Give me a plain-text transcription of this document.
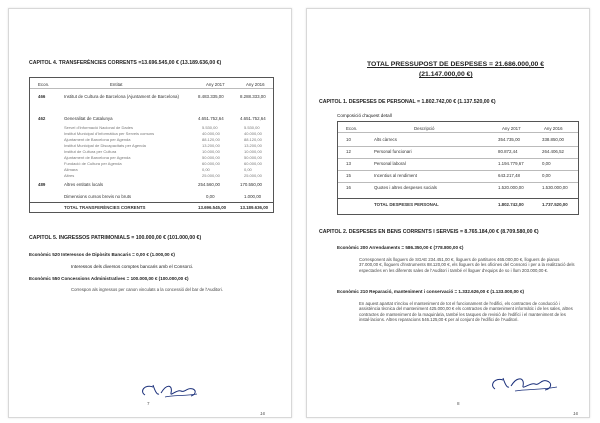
CAPITOL 4. TRANSFERÈNCIES CORRENTS =13.696.545,00 € (13.189.636,00 €)
Econ.	Entitat	Any 2017	Any 2016
466	Institut de Cultura de Barcelona (Ajuntament de Barcelona)	8.483.335,00	8.288.333,00
462	Generalitat de Catalunya	4.651.752,64	4.651.752,64
Servei d'Informació Nacional de Dades	5.530,00	5.530,00
Institut Municipal d'Informàtica per Serveis comuns	40.000,00	40.000,00
Ajuntament de Barcelona per Agenda	88.120,00	88.120,00
Institut Municipal de Discapacitats per Agenda	13.200,00	13.200,00
Institut de Cultura per Cultura	10.000,00	10.000,00
Ajuntament de Barcelona per Agenda	50.000,00	50.000,00
Fundació de Cultura per Agenda	60.000,00	60.000,00
Alimara	0,00	0,00
Altres	25.000,00	25.000,00
489	Altres entitats locals	254.560,00	170.550,00
Dimensions cursos brevis no bruts	0,00	1.000,00
TOTAL TRANSFERÈNCIES CORRENTS	13.696.545,00	13.189.636,00
CAPITOL 5. INGRESSOS PATRIMONIALS = 100.000,00 € (101.000,00 €)
Econòmic 520 Interessos de Dipòsits Bancaris = 0,00 € (1.000,00 €)
Interessos dels diversos comptes bancaris amb el Consorci.
Econòmic 550 Concessions Administratives = 100.000,00 € (100.000,00 €)
Correspon als ingressos per canon vinculats a la concessió del bar de l'Auditori.
7
16
TOTAL PRESSUPOST DE DESPESES = 21.686.000,00 €
(21.147.000,00 €)
CAPITOL 1. DESPESES DE PERSONAL = 1.802.742,00 € (1.137.520,00 €)
Composició d'aquest detall
Econ.	Descripció	Any 2017	Any 2016
10	Alts càrrecs	354.735,00	338.850,00
12	Personal funcionari	80.872,44	264.406,52
13	Personal laboral	1.194.779,67	0,00
15	Incentius al rendiment	643.217,48	0,00
16	Quotes i altres despeses socials	1.520.000,00	1.530.000,00
TOTAL DESPESES PERSONAL	1.802.742,00	1.737.520,00
CAPITOL 2. DESPESES EN BENS CORRENTS I SERVEIS = 8.765.184,00 € (8.709.580,00 €)
Econòmic 200 Arrendaments = 586.350,00 € (778.800,00 €)
Corresponent als lloguers de SGAE 234.451,00 €, lloguers de partitures 465.000,00 €, lloguers de pianos 37.000,00 €, lloguers d'instruments 88.120,00 €, els lloguers de les oficines del Consorci i per a la realització dels espectacles en les diferents sales de l'Auditori i també el lloguer d'equips de so i llum 203.000,00 €.
Econòmic 210 Reparació, manteniment i conservació = 1.332.626,00 € (1.133.000,00 €)
En aquest apartat s'inclou el manteniment de tot el funcionament de l'edifici, els contractes de conducció i assistència tècnica del manteniment 425.000,00 € els contractes de manteniment informàtic i de les sales, altres contractes de manteniment de la maquinària, també les tasques de revisió de l'edifici i el manteniment de les instal·lacions. Altres reparacions 546.125,00 € per al conjunt de l'edifici de l'Auditori.
8
16
